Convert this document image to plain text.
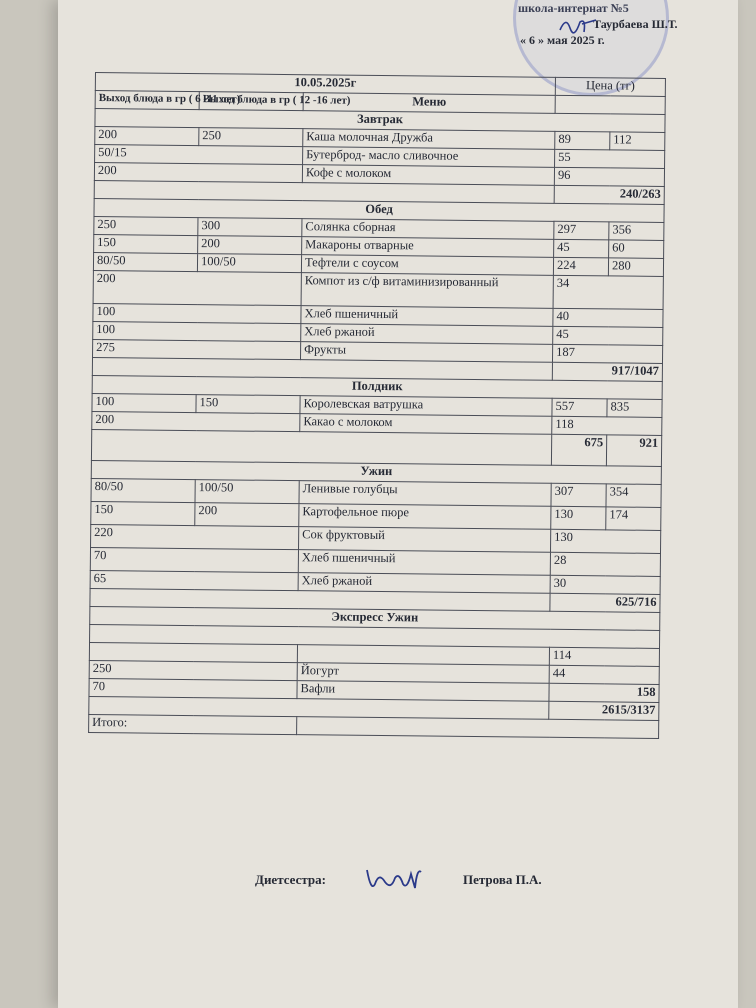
школа-интернат №5
Таурбаева Ш.Т.
« 6 » мая 2025 г.
10.05.2025г			Цена (тг)	
Выход блюда в гр ( 6 -11 лет)	Выход блюда в гр ( 12 -16 лет)	Меню		
Завтрак				
200	250	Каша молочная Дружба	89	112
50/15		Бутерброд- масло сливочное	55	
200		Кофе с молоком	96	
			240/263	
Обед				
250	300	Солянка сборная	297	356
150	200	Макароны отварные	45	60
80/50	100/50	Тефтели с соусом	224	280
200		Компот из с/ф витаминизированный	34	
100		Хлеб пшеничный	40	
100		Хлеб ржаной	45	
275		Фрукты	187	
			917/1047	
Полдник				
100	150	Королевская ватрушка	557	835
200		Какао с молоком	118	
			675	921
Ужин				
80/50	100/50	Ленивые голубцы	307	354
150	200	Картофельное пюре	130	174
220		Сок фруктовый	130	
70		Хлеб пшеничный	28	
65		Хлеб ржаной	30	
			625/716	
Экспресс Ужин				

			114	
250		Йогурт	44	
70		Вафли	158	
			2615/3137	
Итого:				
Диетсестра:	Петрова П.А.
